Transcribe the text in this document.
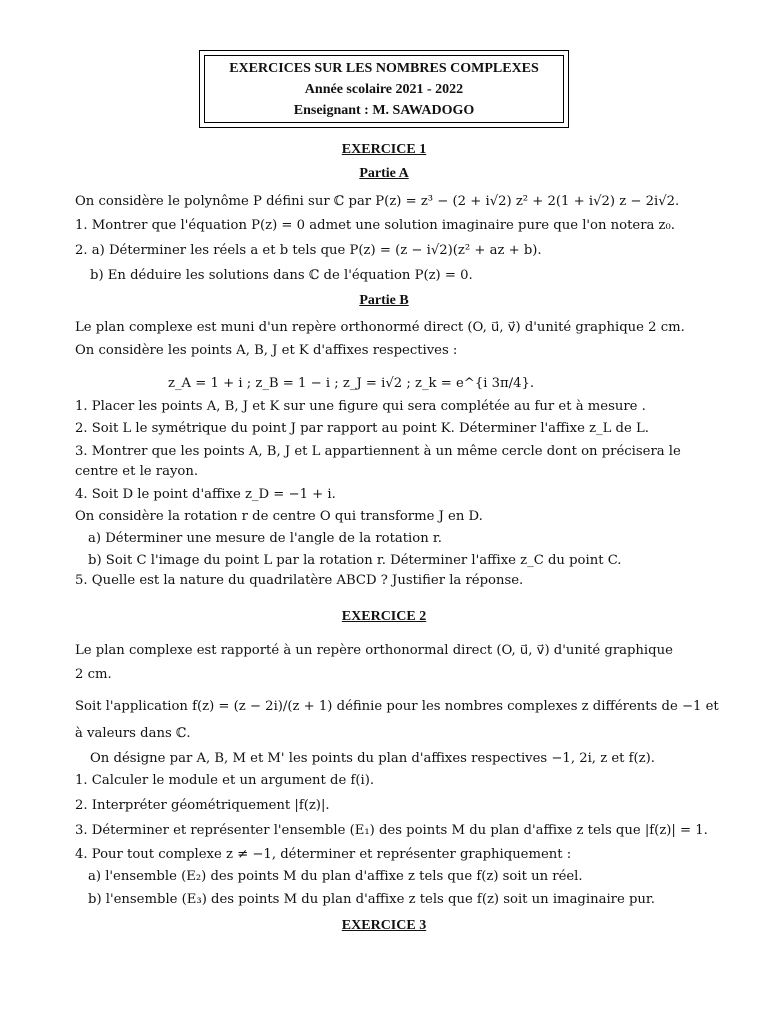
EXERCICES SUR LES NOMBRES COMPLEXES
Année scolaire 2021 - 2022
Enseignant : M. SAWADOGO
EXERCICE 1
Partie A
On considère le polynôme P défini sur ℂ par P(z) = z³ − (2 + i√2) z² + 2(1 + i√2) z − 2i√2.
1. Montrer que l'équation P(z) = 0 admet une solution imaginaire pure que l'on notera z₀.
2. a) Déterminer les réels a et b tels que P(z) = (z − i√2)(z² + az + b).
b) En déduire les solutions dans ℂ de l'équation P(z) = 0.
Partie B
Le plan complexe est muni d'un repère orthonormé direct (O, u⃗, v⃗) d'unité graphique 2 cm.
On considère les points A, B, J et K d'affixes respectives :
z_A = 1 + i ; z_B = 1 − i ; z_J = i√2 ; z_k = e^{i 3π/4}.
1. Placer les points A, B, J et K sur une figure qui sera complétée au fur et à mesure .
2. Soit L le symétrique du point J par rapport au point K. Déterminer l'affixe z_L de L.
3. Montrer que les points A, B, J et L appartiennent à un même cercle dont on précisera le
centre et le rayon.
4. Soit D le point d'affixe z_D = −1 + i.
On considère la rotation r de centre O qui transforme J en D.
a) Déterminer une mesure de l'angle de la rotation r.
b) Soit C l'image du point L par la rotation r. Déterminer l'affixe z_C du point C.
5. Quelle est la nature du quadrilatère ABCD ? Justifier la réponse.
EXERCICE 2
Le plan complexe est rapporté à un repère orthonormal direct (O, u⃗, v⃗) d'unité graphique
2 cm.
Soit l'application f(z) = (z − 2i)/(z + 1) définie pour les nombres complexes z différents de −1 et
à valeurs dans ℂ.
On désigne par A, B, M et M' les points du plan d'affixes respectives −1, 2i, z et f(z).
1. Calculer le module et un argument de f(i).
2. Interpréter géométriquement |f(z)|.
3. Déterminer et représenter l'ensemble (E₁) des points M du plan d'affixe z tels que |f(z)| = 1.
4. Pour tout complexe z ≠ −1, déterminer et représenter graphiquement :
a) l'ensemble (E₂) des points M du plan d'affixe z tels que f(z) soit un réel.
b) l'ensemble (E₃) des points M du plan d'affixe z tels que f(z) soit un imaginaire pur.
EXERCICE 3
